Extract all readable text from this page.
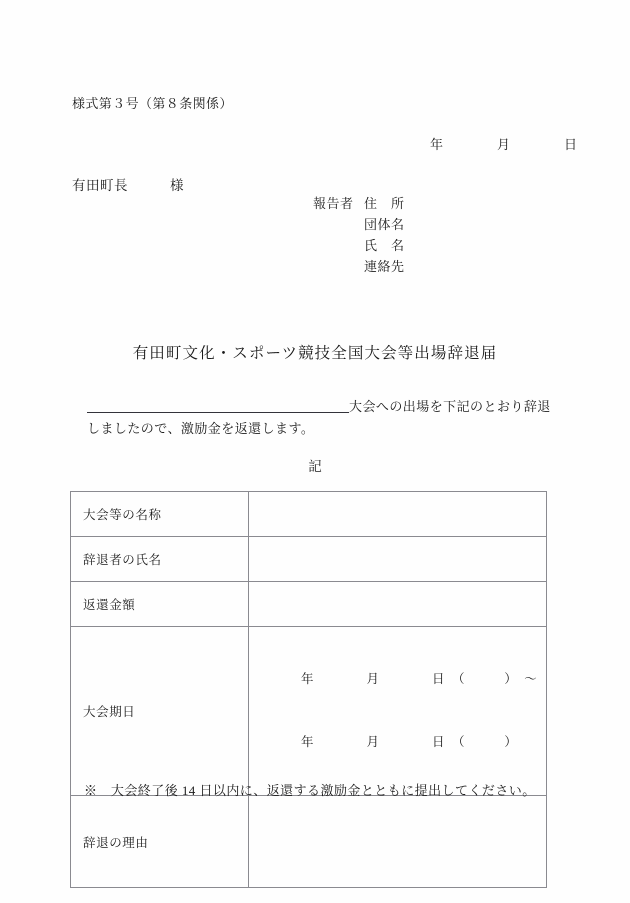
様式第３号（第８条関係）
年　　　　月　　　　日
有田町長　　　様
報告者 住　所
団体名
氏　名
連絡先
有田町文化・スポーツ競技全国大会等出場辞退届
大会への出場を下記のとおり辞退
しましたので、激励金を返還します。
記
大会等の名称	
辞退者の氏名	
返還金額	
大会期日	年　　　　月　　　　日　（　　　）　～

年　　　　月　　　　日　（　　　）

辞退の理由	
※　大会終了後 14 日以内に、返還する激励金とともに提出してください。
